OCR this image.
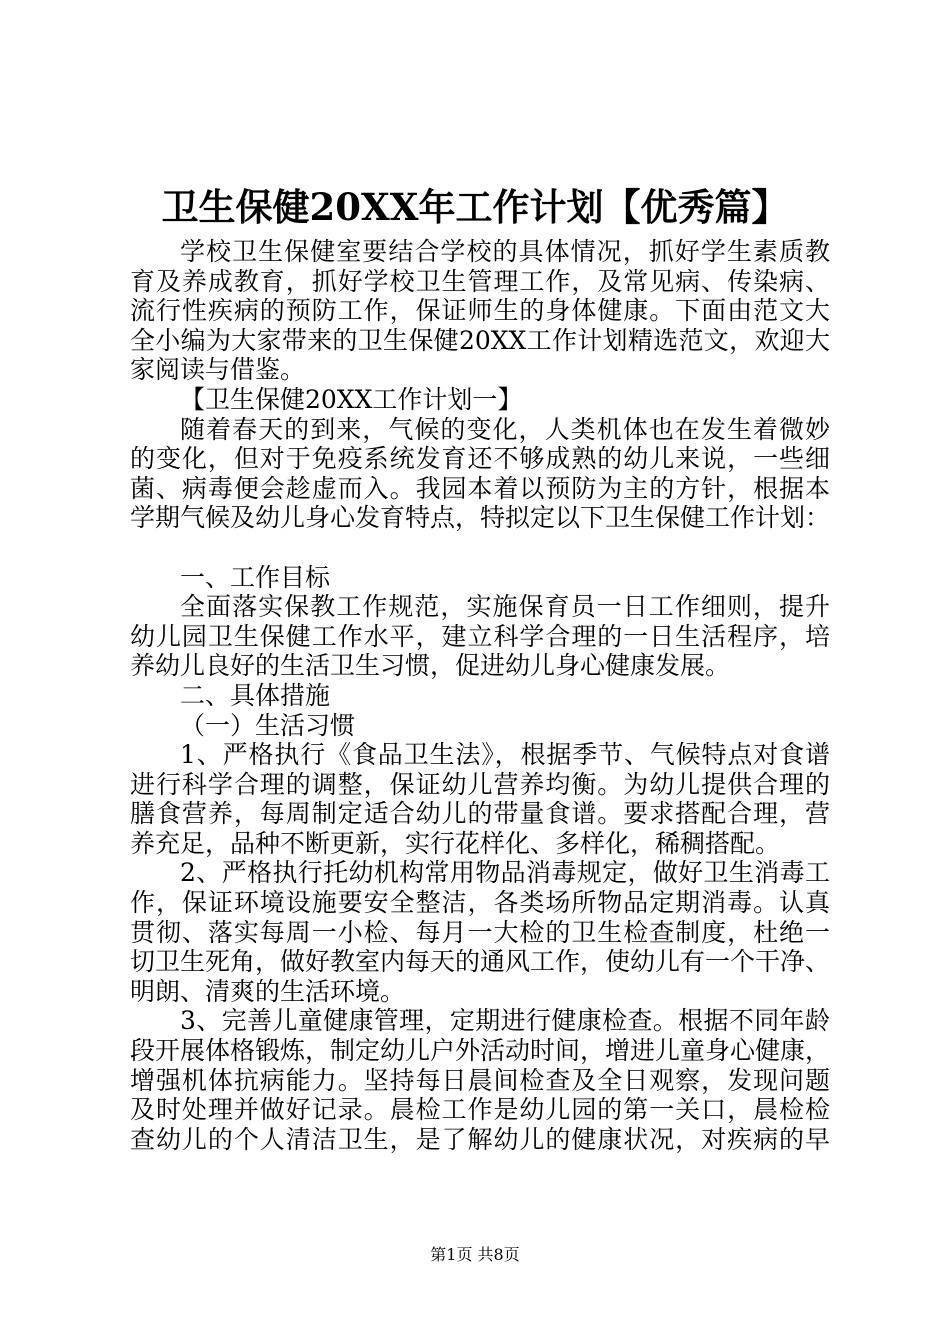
卫生保健20XX年工作计划【优秀篇】
学校卫生保健室要结合学校的具体情况，抓好学生素质教
育及养成教育，抓好学校卫生管理工作，及常见病、传染病、
流行性疾病的预防工作，保证师生的身体健康。下面由范文大
全小编为大家带来的卫生保健20XX工作计划精选范文，欢迎大
家阅读与借鉴。
【卫生保健20XX工作计划一】
随着春天的到来，气候的变化，人类机体也在发生着微妙
的变化，但对于免疫系统发育还不够成熟的幼儿来说，一些细
菌、病毒便会趁虚而入。我园本着以预防为主的方针，根据本
学期气候及幼儿身心发育特点，特拟定以下卫生保健工作计划：
一、工作目标
全面落实保教工作规范，实施保育员一日工作细则，提升
幼儿园卫生保健工作水平，建立科学合理的一日生活程序，培
养幼儿良好的生活卫生习惯，促进幼儿身心健康发展。
二、具体措施
（一）生活习惯
1、严格执行《食品卫生法》，根据季节、气候特点对食谱
进行科学合理的调整，保证幼儿营养均衡。为幼儿提供合理的
膳食营养，每周制定适合幼儿的带量食谱。要求搭配合理，营
养充足，品种不断更新，实行花样化、多样化，稀稠搭配。
2、严格执行托幼机构常用物品消毒规定，做好卫生消毒工
作，保证环境设施要安全整洁，各类场所物品定期消毒。认真
贯彻、落实每周一小检、每月一大检的卫生检查制度，杜绝一
切卫生死角，做好教室内每天的通风工作，使幼儿有一个干净、
明朗、清爽的生活环境。
3、完善儿童健康管理，定期进行健康检查。根据不同年龄
段开展体格锻炼，制定幼儿户外活动时间，增进儿童身心健康，
增强机体抗病能力。坚持每日晨间检查及全日观察，发现问题
及时处理并做好记录。晨检工作是幼儿园的第一关口，晨检检
查幼儿的个人清洁卫生，是了解幼儿的健康状况，对疾病的早
第1页 共8页
